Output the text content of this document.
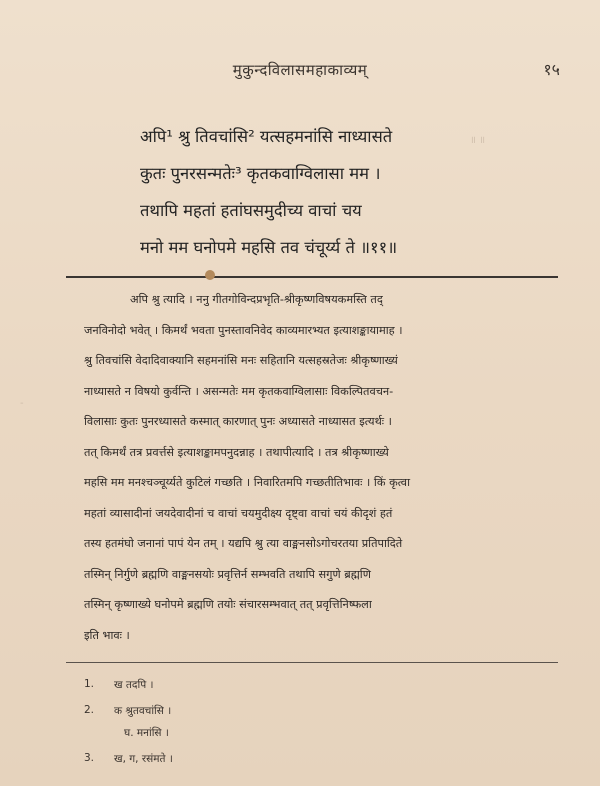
॥ ॥
-
मुकुन्दविलासमहाकाव्यम्	१५
अपि¹ श्रु तिवचांसि² यत्सहमनांसि नाध्यासते
कुतः पुनरसन्मतेः³ कृतकवाग्विलासा मम ।
तथापि महतां हतांघसमुदीच्य वाचां चय
मनो मम घनोपमे महसि तव चंचूर्य्य ते ॥११॥
अपि श्रु त्यादि । ननु गीतगोविन्दप्रभृति-श्रीकृष्णविषयकमस्ति तद्
जनविनोदो भवेत् । किमर्थं भवता पुनस्तावनिवेद काव्यमारभ्यत इत्याशङ्कायामाह ।
श्रु तिवचांसि वेदादिवाक्यानि सहमनांसि मनः सहितानि यत्सहस्रतेजः श्रीकृष्णाख्यं
नाध्यासते न विषयो कुर्वन्ति । असन्मतेः मम कृतकवाग्विलासाः विकल्पितवचन-
विलासाः कुतः पुनरध्यासते कस्मात् कारणात् पुनः अध्यासते नाध्यासत इत्यर्थः ।
तत् किमर्थं तत्र प्रवर्त्तसे इत्याशङ्कामपनुदन्नाह । तथापीत्यादि । तत्र श्रीकृष्णाख्ये
महसि मम मनश्चञ्चूर्य्यते कुटिलं गच्छति । निवारितमपि गच्छतीतिभावः । किं कृत्वा
महतां व्यासादीनां जयदेवादीनां च वाचां चयमुदीक्ष्य दृष्ट्वा वाचां चयं कीदृशं हतं
तस्य हतमंघो जनानां पापं येन तम् । यद्यपि श्रु त्या वाङ्मनसोऽगोचरतया प्रतिपादिते
तस्मिन् निर्गुणे ब्रह्मणि वाङ्मनसयोः प्रवृत्तिर्न सम्भवति तथापि सगुणे ब्रह्मणि
तस्मिन् कृष्णाख्ये घनोपमे ब्रह्मणि तयोः संचारसम्भवात् तत् प्रवृत्तिनिष्फला
इति भावः ।
1. ख तदपि ।
2. क श्रुतवचांसि ।
घ. मनांसि ।
3. ख, ग, रसंमते ।
